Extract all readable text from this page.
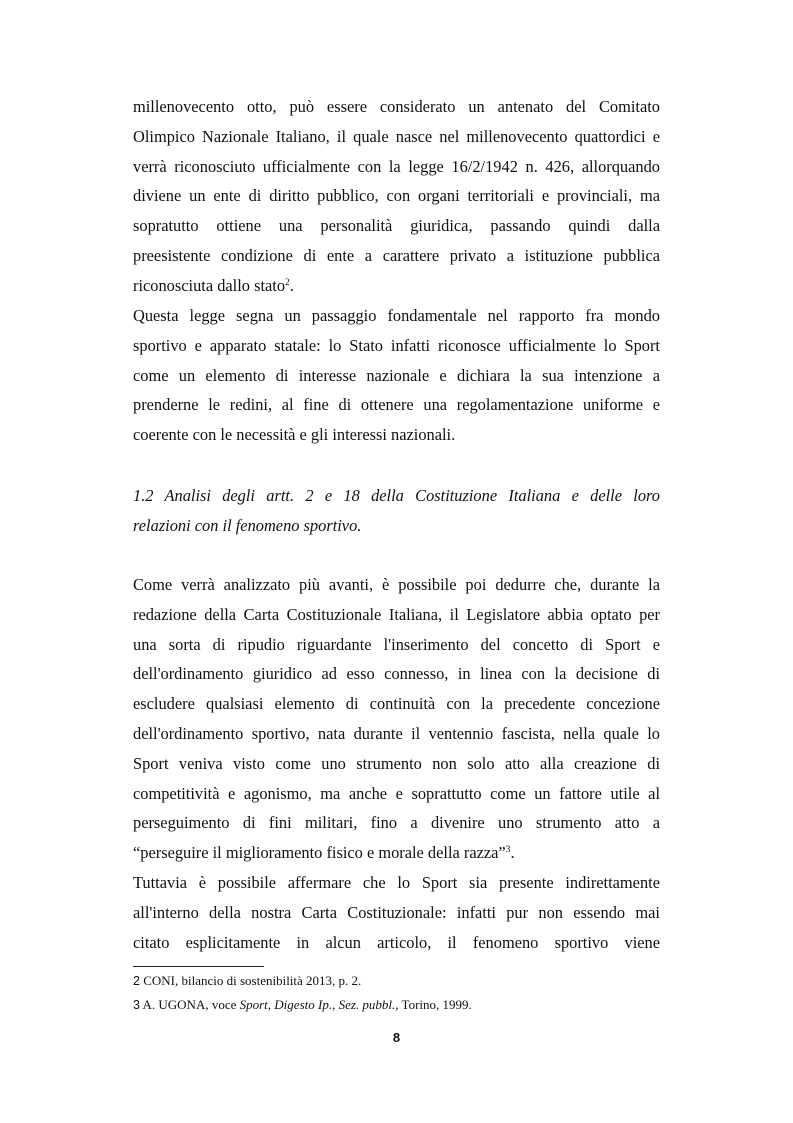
millenovecento otto, può essere considerato un antenato del Comitato
Olimpico Nazionale Italiano, il quale nasce nel millenovecento quattordici e
verrà riconosciuto ufficialmente con la legge 16/2/1942 n. 426, allorquando
diviene un ente di diritto pubblico, con organi territoriali e provinciali, ma
sopratutto ottiene una personalità giuridica, passando quindi dalla
preesistente condizione di ente a carattere privato a istituzione pubblica
riconosciuta dallo stato$^2$.

Questa legge segna un passaggio fondamentale nel rapporto fra mondo
sportivo e apparato statale: lo Stato infatti riconosce ufficialmente lo Sport
come un elemento di interesse nazionale e dichiara la sua intenzione a
prenderne le redini, al fine di ottenere una regolamentazione uniforme e
coerente con le necessità e gli interessi nazionali.

1.2 Analisi degli artt. 2 e 18 della Costituzione Italiana e delle loro
relazioni con il fenomeno sportivo.

Come verrà analizzato più avanti, è possibile poi dedurre che, durante la
redazione della Carta Costituzionale Italiana, il Legislatore abbia optato per
una sorta di ripudio riguardante l'inserimento del concetto di Sport e
dell'ordinamento giuridico ad esso connesso, in linea con la decisione di
escludere qualsiasi elemento di continuità con la precedente concezione
dell'ordinamento sportivo, nata durante il ventennio fascista, nella quale lo
Sport veniva visto come uno strumento non solo atto alla creazione di
competitività e agonismo, ma anche e soprattutto come un fattore utile al
perseguimento di fini militari, fino a divenire uno strumento atto a
“perseguire il miglioramento fisico e morale della razza”$^3$.

Tuttavia è possibile affermare che lo Sport sia presente indirettamente
all'interno della nostra Carta Costituzionale: infatti pur non essendo mai
citato esplicitamente in alcun articolo, il fenomeno sportivo viene

2 CONI, bilancio di sostenibilità 2013, p. 2.
3 A. UGONA, voce Sport, Digesto Ip., Sez. pubbl., Torino, 1999.
8
